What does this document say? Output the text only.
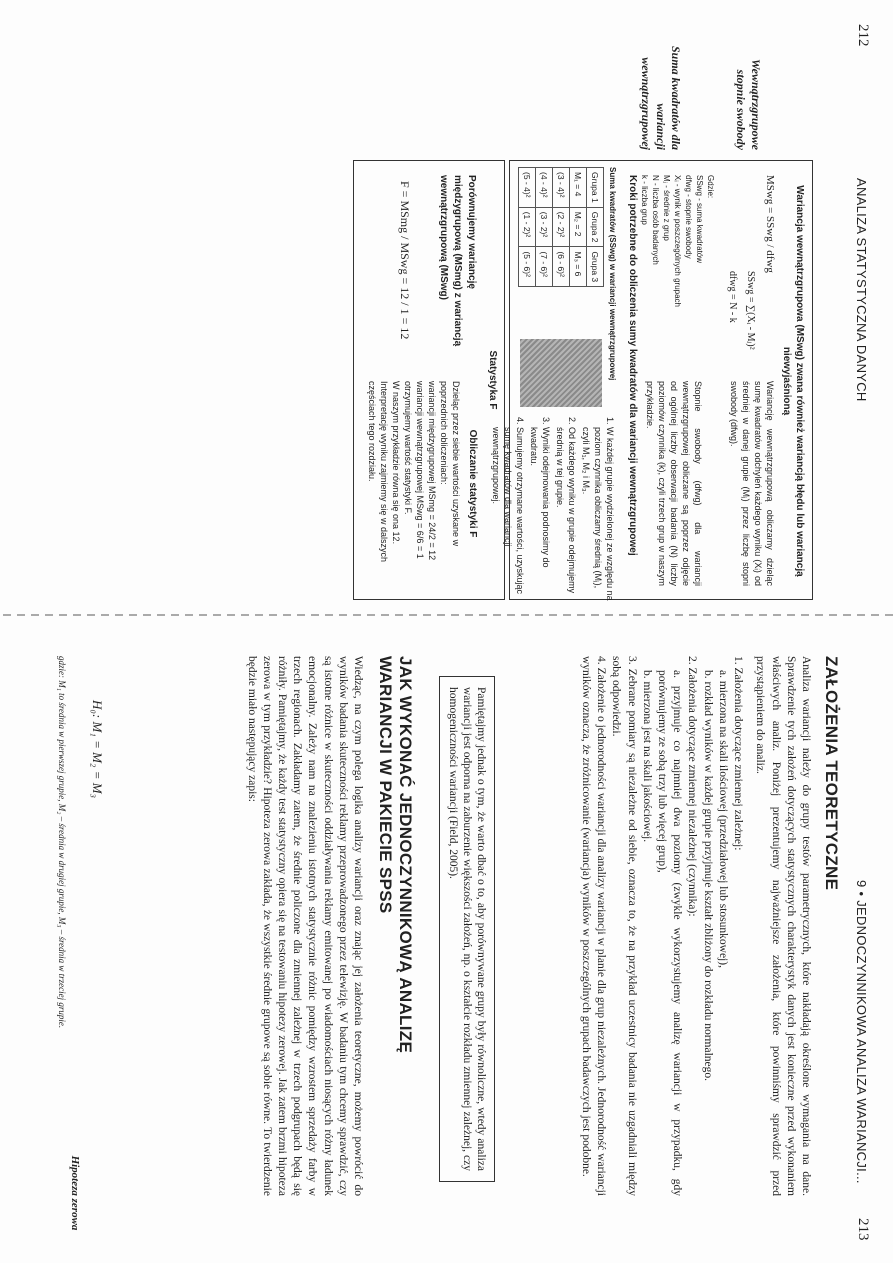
212
ANALIZA STATYSTYCZNA DANYCH
Wewnątrzgrupowe stopnie swobody
Suma kwadratów dla wariancji wewnątrzgrupowej
Wariancja wewnątrzgrupowa (MSwg) zwana również wariancją błędu lub wariancją niewyjaśnioną
MSwg = SSwg / dfwg
SSwg = ∑(Xᵢ - Mⱼ)²
dfwg = N - k
Gdzie:
SSwg - suma kwadratów
dfwg - stopnie swobody
Xᵢ - wynik w poszczególnych grupach
Mⱼ - średnie z grup
N - liczba osób badanych
k - liczba grup
Wariancję wewnątrzgrupową obliczamy dzieląc sumę kwadratów odchyleń każdego wyniku (Xᵢ) od średniej w danej grupie (Mⱼ) przez liczbę stopni swobody (dfwg).
Stopnie swobody (dfwg) dla wariancji wewnątrzgrupowej obliczane są poprzez odjęcie od ogólnej liczby obserwacji badania (N) liczby poziomów czynnika (k), czyli trzech grup w naszym przykładzie.
Kroki potrzebne do obliczenia sumy kwadratów dla wariancji wewnątrzgrupowej
Suma kwadratów (SSwg) w wariancji wewnątrzgrupowej
Grupa 1	Grupa 2	Grupa 3
M₁ = 4	M₂ = 2	M₃ = 6
(3 - 4)²	(2 - 2)²	(6 - 6)²
(4 - 4)²	(3 - 2)²	(7 - 6)²
(5 - 4)²	(1 - 2)²	(5 - 6)²
1. W każdej grupie wydzielonej ze względu na poziom czynnika obliczamy średnią (Mⱼ), czyli M₁, M₂ i M₃.
2. Od każdego wyniku w grupie odejmujemy średnią w tej grupie.
3. Wyniki odejmowania podnosimy do kwadratu.
4. Sumujemy otrzymane wartości, uzyskując sumę kwadratów dla wariancji wewnątrzgrupowej.
Statystyka F
Porównujemy wariancję międzygrupową (MSmg) z wariancją wewnątrzgrupową (MSwg)
F = MSmg / MSwg = 12 / 1 = 12
Obliczanie statystyki F
Dzieląc przez siebie wartości uzyskane w poprzednich obliczeniach:
wariancji międzygrupowej MSmg = 24/2 = 12
wariancji wewnątrzgrupowej MSwg = 6/6 = 1
otrzymujemy wartość statystyki F.
W naszym przykładzie równa się ona 12. Interpretację wyniku zajmiemy się w dalszych częściach tego rozdziału.
9 • JEDNOCZYNNIKOWA ANALIZA WARIANCJI...
213
ZAŁOŻENIA TEORETYCZNE
Analiza wariancji należy do grupy testów parametrycznych, które nakładają określone wymagania na dane. Sprawdzenie tych założeń dotyczących statystycznych charakterystyk danych jest konieczne przed wykonaniem właściwych analiz. Poniżej prezentujemy najważniejsze założenia, które powinniśmy sprawdzić przed przystąpieniem do analiz.
1. Założenia dotyczące zmiennej zależnej:
a. mierzona na skali ilościowej (przedziałowej lub stosunkowej),
b. rozkład wyników w każdej grupie przyjmuje kształt zbliżony do rozkładu normalnego.
2. Założenia dotyczące zmiennej niezależnej (czynnika):
a. przyjmuje co najmniej dwa poziomy (zwykle wykorzystujemy analizę wariancji w przypadku, gdy porównujemy ze sobą trzy lub więcej grup),
b. mierzona jest na skali jakościowej.
3. Zebrane pomiary są niezależne od siebie, oznacza to, że na przykład uczestnicy badania nie uzgadniali między sobą odpowiedzi.
4. Założenie o jednorodności wariancji dla analizy wariancji w planie dla grup niezależnych. Jednorodność wariancji wyników oznacza, że zróżnicowanie (wariancja) wyników w poszczególnych grupach badawczych jest podobne.
Pamiętajmy jednak o tym, że warto dbać o to, aby porównywane grupy były równoliczne, wtedy analiza wariancji jest odporna na zaburzenie większości założeń, np. o kształcie rozkładu zmiennej zależnej, czy homogeniczności wariancji (Field, 2005).
JAK WYKONAĆ JEDNOCZYNNIKOWĄ ANALIZĘ
WARIANCJI W PAKIECIE SPSS
Wiedząc, na czym polega logika analizy wariancji oraz znając jej założenia teoretyczne, możemy powrócić do wyników badania skuteczności reklamy przeprowadzonego przez telewizję. W badaniu tym chcemy sprawdzić, czy są istotne różnice w skuteczności oddziaływania reklamy emitowanej po wiadomościach niosących różny ładunek emocjonalny. Zależy nam na znalezieniu istotnych statystycznie różnic pomiędzy wzrostem sprzedaży farby w trzech regionach. Zakładamy zatem, że średnie policzone dla zmiennej zależnej w trzech podgrupach będą się różniły. Pamiętajmy, że każdy test statystyczny opiera się na testowaniu hipotezy zerowej. Jak zatem brzmi hipoteza zerowa w tym przykładzie? Hipoteza zerowa zakłada, że wszystkie średnie grupowe są sobie równe. To twierdzenie będzie miało następujący zapis:
H₀: M₁ = M₂ = M₃
Hipoteza zerowa
gdzie: M₁ to średnia w pierwszej grupie, M₂ – średnia w drugiej grupie, M₃ – średnia w trzeciej grupie.
